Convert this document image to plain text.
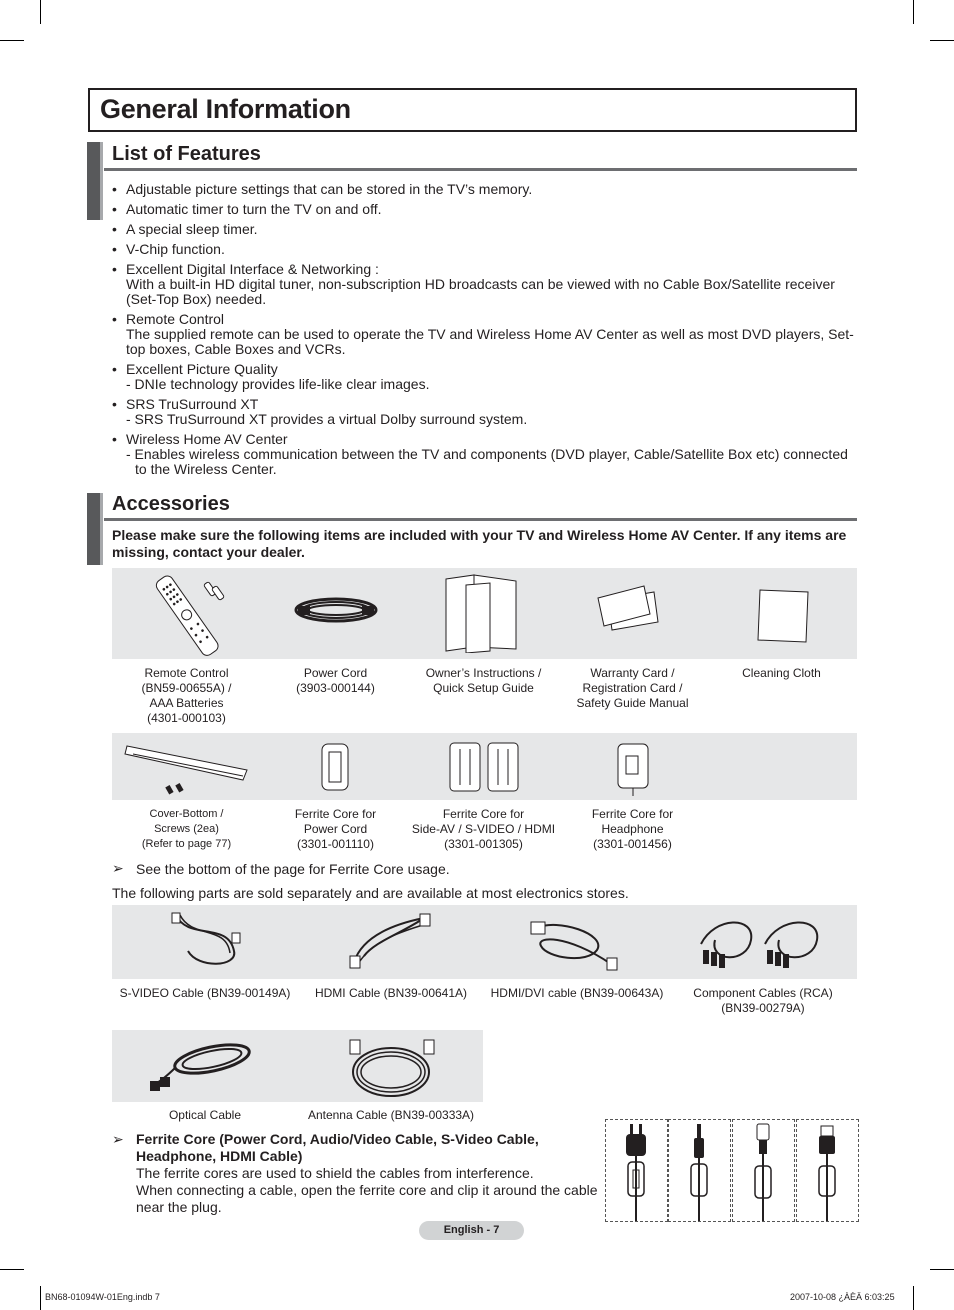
General Information
List of Features
• Adjustable picture settings that can be stored in the TV’s memory.
• Automatic timer to turn the TV on and off.
• A special sleep timer.
• V-Chip function.
• Excellent Digital Interface & Networking :
With a built-in HD digital tuner, non-subscription HD broadcasts can be viewed with no Cable Box/Satellite receiver (Set-Top Box) needed.
• Remote Control
The supplied remote can be used to operate the TV and Wireless Home AV Center as well as most DVD players, Set-top boxes, Cable Boxes and VCRs.
• Excellent Picture Quality
- DNIe technology provides life-like clear images.
• SRS TruSurround XT
- SRS TruSurround XT provides a virtual Dolby surround system.
• Wireless Home AV Center
- Enables wireless communication between the TV and components (DVD player, Cable/Satellite Box etc) connected to the Wireless Center.
Accessories
Please make sure the following items are included with your TV and Wireless Home AV Center. If any items are missing, contact your dealer.
Remote Control
(BN59-00655A) /
AAA Batteries
(4301-000103)
Power Cord
(3903-000144)
Owner’s Instructions /
Quick Setup Guide
Warranty Card /
Registration Card /
Safety Guide Manual
Cleaning Cloth
Cover-Bottom /
Screws (2ea)
(Refer to page 77)
Ferrite Core for
Power Cord
(3301-001110)
Ferrite Core for
Side-AV / S-VIDEO / HDMI
(3301-001305)
Ferrite Core for
Headphone
(3301-001456)
➢ See the bottom of the page for Ferrite Core usage.
The following parts are sold separately and are available at most electronics stores.
S-VIDEO Cable (BN39-00149A)	HDMI Cable (BN39-00641A)	HDMI/DVI cable (BN39-00643A)	Component Cables (RCA)
(BN39-00279A)
Optical Cable	Antenna Cable (BN39-00333A)
➢ Ferrite Core (Power Cord, Audio/Video Cable, S-Video Cable, Headphone, HDMI Cable)
The ferrite cores are used to shield the cables from interference.
When connecting a cable, open the ferrite core and clip it around the cable near the plug.
English - 7
BN68-01094W-01Eng.indb 7	2007-10-08 ¿ÀÈÄ 6:03:25
